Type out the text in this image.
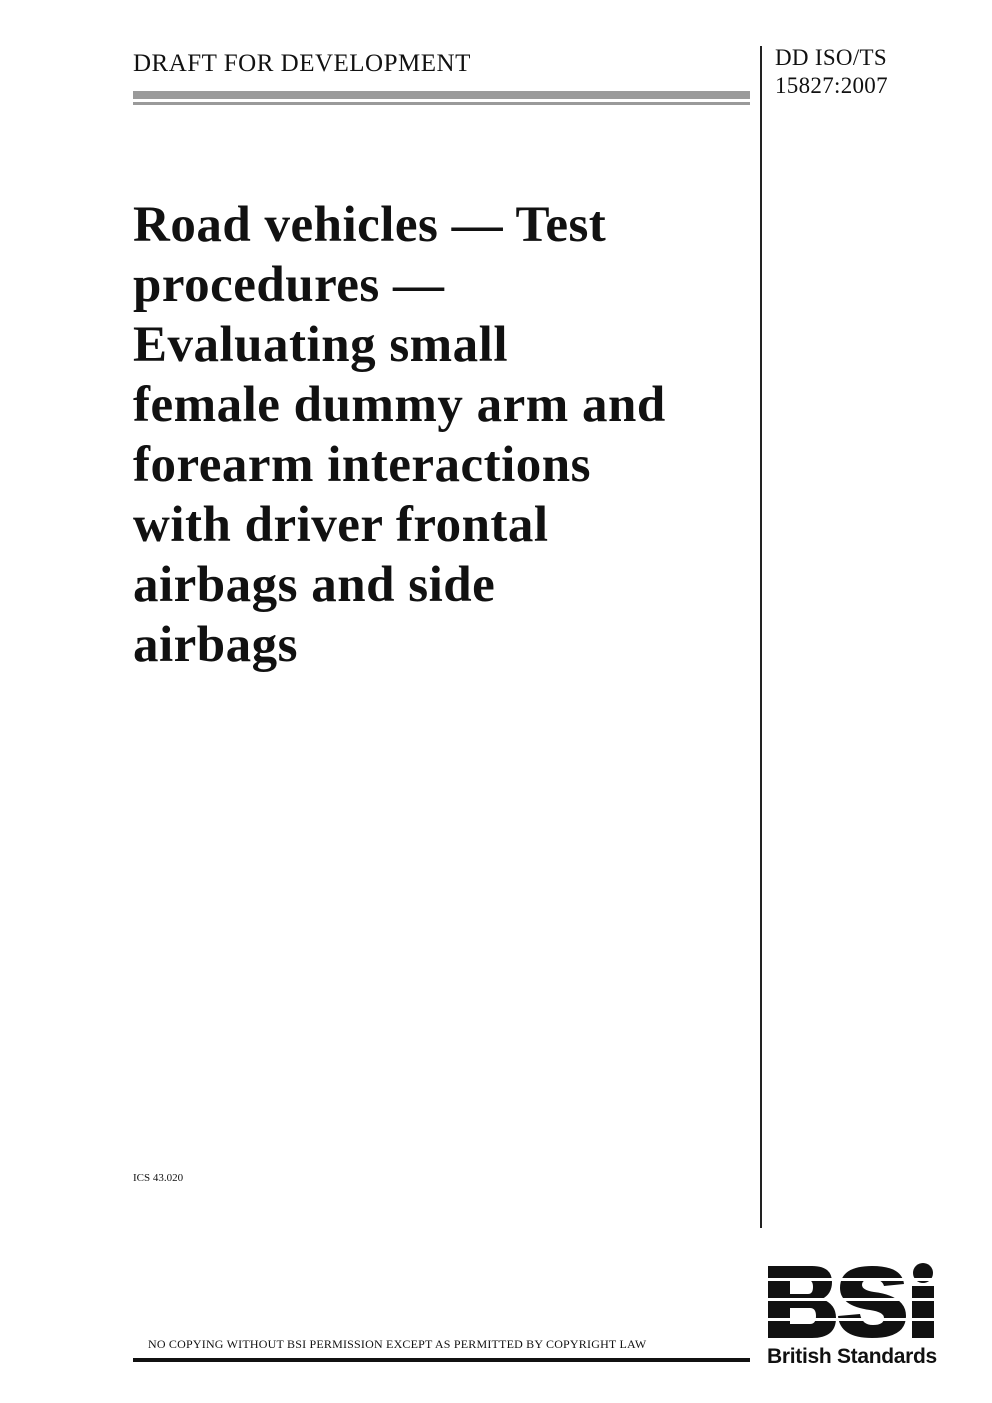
DRAFT FOR DEVELOPMENT	DD ISO/TS
15827:2007
Road vehicles — Test
procedures —
Evaluating small
female dummy arm and
forearm interactions
with driver frontal
airbags and side
airbags
ICS 43.020
NO COPYING WITHOUT BSI PERMISSION EXCEPT AS PERMITTED BY COPYRIGHT LAW
British Standards
